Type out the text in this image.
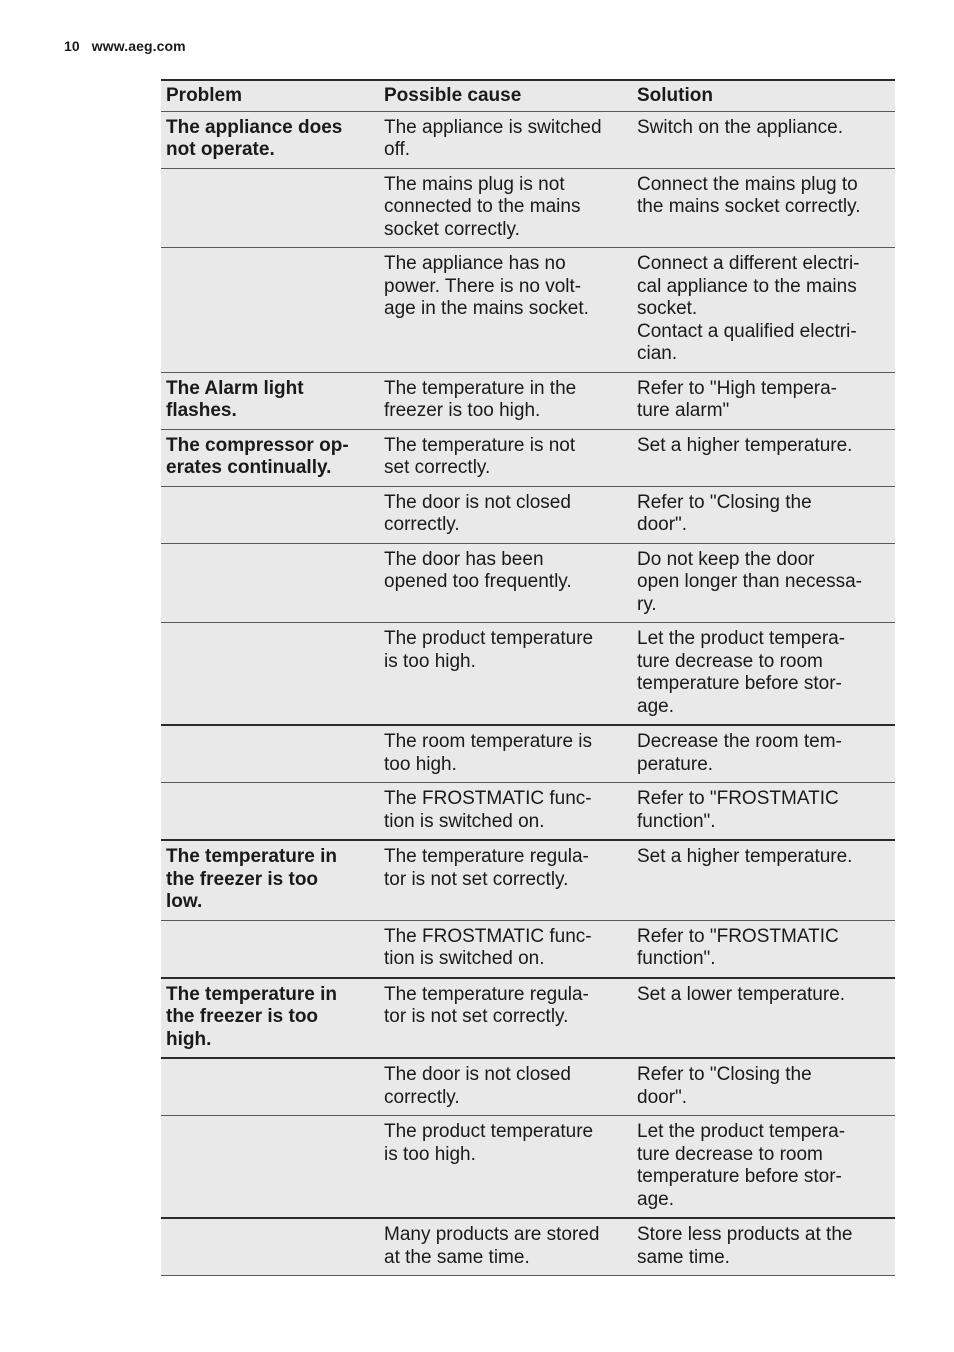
10 www.aeg.com
Problem	Possible cause	Solution
The appliance does
not operate.
The appliance is switched
off.
Switch on the appliance.
The mains plug is not
connected to the mains
socket correctly.
Connect the mains plug to
the mains socket correctly.
The appliance has no
power. There is no volt-
age in the mains socket.
Connect a different electri-
cal appliance to the mains
socket.
Contact a qualified electri-
cian.
The Alarm light
flashes.
The temperature in the
freezer is too high.
Refer to "High tempera-
ture alarm"
The compressor op-
erates continually.
The temperature is not
set correctly.
Set a higher temperature.
The door is not closed
correctly.
Refer to "Closing the
door".
The door has been
opened too frequently.
Do not keep the door
open longer than necessa-
ry.
The product temperature
is too high.
Let the product tempera-
ture decrease to room
temperature before stor-
age.
The room temperature is
too high.
Decrease the room tem-
perature.
The FROSTMATIC func-
tion is switched on.
Refer to "FROSTMATIC
function".
The temperature in
the freezer is too
low.
The temperature regula-
tor is not set correctly.
Set a higher temperature.
The FROSTMATIC func-
tion is switched on.
Refer to "FROSTMATIC
function".
The temperature in
the freezer is too
high.
The temperature regula-
tor is not set correctly.
Set a lower temperature.
The door is not closed
correctly.
Refer to "Closing the
door".
The product temperature
is too high.
Let the product tempera-
ture decrease to room
temperature before stor-
age.
Many products are stored
at the same time.
Store less products at the
same time.
